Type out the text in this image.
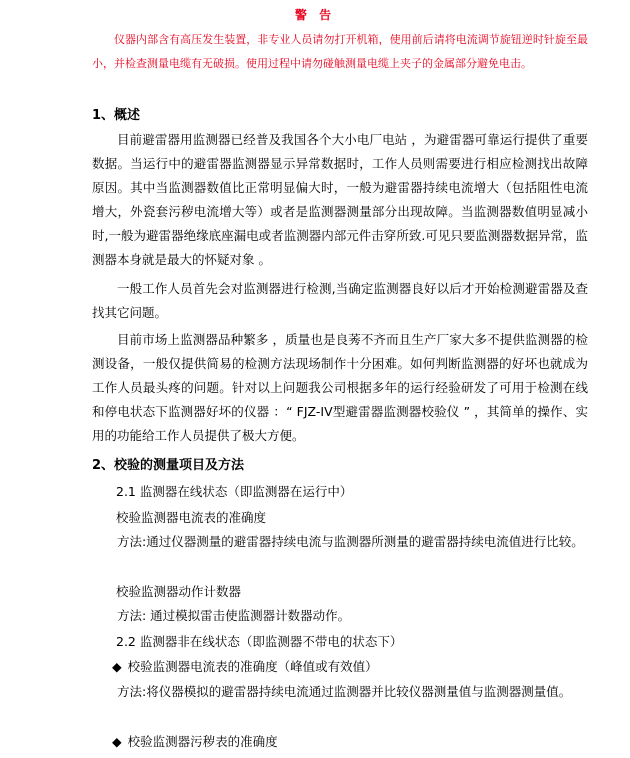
警 告

仪器内部含有高压发生装置，非专业人员请勿打开机箱，使用前后请将电流调节旋钮逆时针旋至最小，并检查测量电缆有无破损。使用过程中请勿碰触测量电缆上夹子的金属部分避免电击。

1、概述

目前避雷器用监测器已经普及我国各个大小电厂电站 ，为避雷器可靠运行提供了重要数据。当运行中的避雷器监测器显示异常数据时，工作人员则需要进行相应检测找出故障原因。其中当监测器数值比正常明显偏大时，一般为避雷器持续电流增大（包括阻性电流增大，外瓷套污秽电流增大等）或者是监测器测量部分出现故障。当监测器数值明显减小时,一般为避雷器绝缘底座漏电或者监测器内部元件击穿所致.可见只要监测器数据异常，监测器本身就是最大的怀疑对象 。

一般工作人员首先会对监测器进行检测,当确定监测器良好以后才开始检测避雷器及查找其它问题。

目前市场上监测器品种繁多 ，质量也是良莠不齐而且生产厂家大多不提供监测器的检测设备，一般仅提供简易的检测方法现场制作十分困难。如何判断监测器的好坏也就成为工作人员最头疼的问题。针对以上问题我公司根据多年的运行经验研发了可用于检测在线和停电状态下监测器好坏的仪器 ：“ FJZ-IV型避雷器监测器校验仪 ” ，其简单的操作、实用的功能给工作人员提供了极大方便。

2、校验的测量项目及方法

2.1 监测器在线状态（即监测器在运行中）

校验监测器电流表的准确度

方法:通过仪器测量的避雷器持续电流与监测器所测量的避雷器持续电流值进行比较。

校验监测器动作计数器

方法: 通过模拟雷击使监测器计数器动作。

2.2 监测器非在线状态（即监测器不带电的状态下）

◆ 校验监测器电流表的准确度（峰值或有效值）

方法:将仪器模拟的避雷器持续电流通过监测器并比较仪器测量值与监测器测量值。

◆ 校验监测器污秽表的准确度
